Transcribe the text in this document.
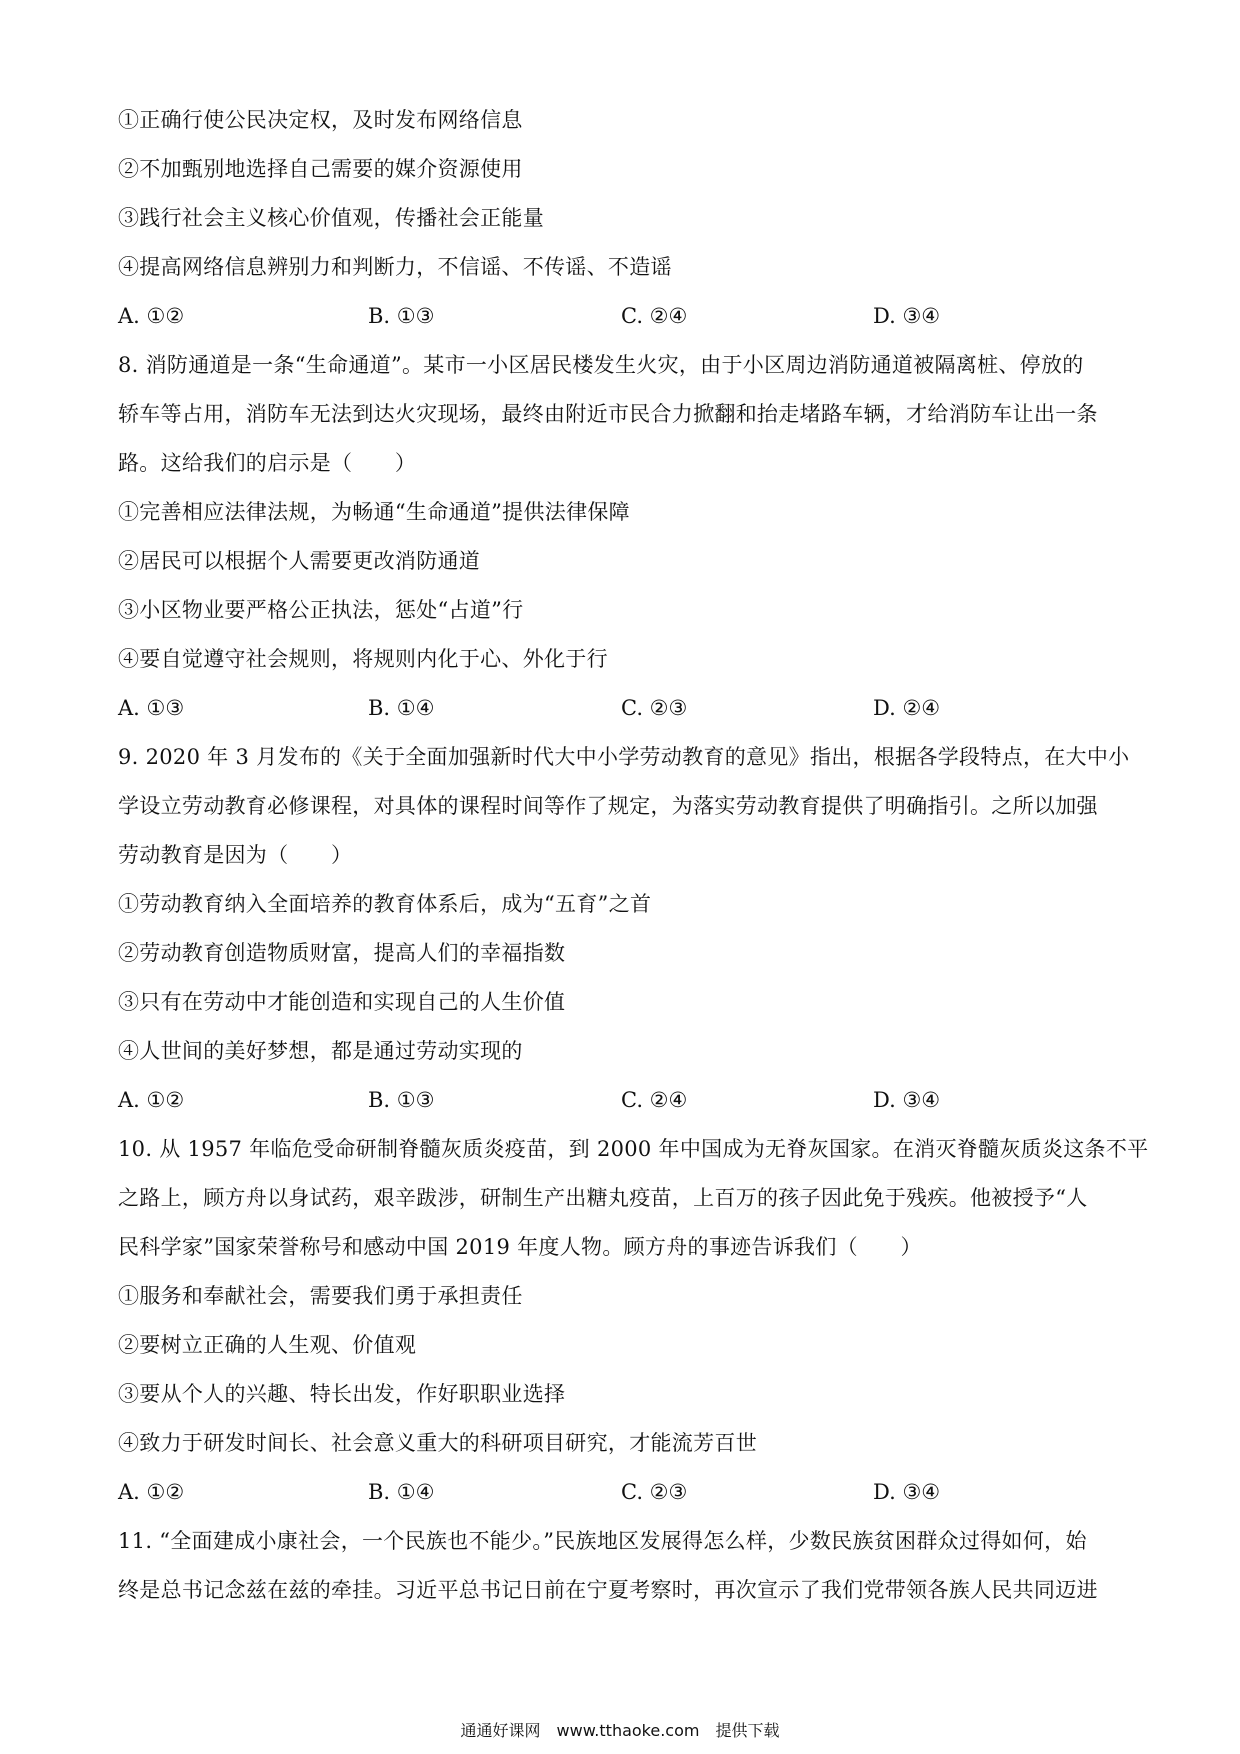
①正确行使公民决定权，及时发布网络信息
②不加甄别地选择自己需要的媒介资源使用
③践行社会主义核心价值观，传播社会正能量
④提高网络信息辨别力和判断力，不信谣、不传谣、不造谣
A. ①②	B. ①③	C. ②④	D. ③④
8. 消防通道是一条“生命通道”。某市一小区居民楼发生火灾，由于小区周边消防通道被隔离桩、停放的
轿车等占用，消防车无法到达火灾现场，最终由附近市民合力掀翻和抬走堵路车辆，才给消防车让出一条
路。这给我们的启示是（　　）
①完善相应法律法规，为畅通“生命通道”提供法律保障
②居民可以根据个人需要更改消防通道
③小区物业要严格公正执法，惩处“占道”行
④要自觉遵守社会规则，将规则内化于心、外化于行
A. ①③	B. ①④	C. ②③	D. ②④
9. 2020 年 3 月发布的《关于全面加强新时代大中小学劳动教育的意见》指出，根据各学段特点，在大中小
学设立劳动教育必修课程，对具体的课程时间等作了规定，为落实劳动教育提供了明确指引。之所以加强
劳动教育是因为（　　）
①劳动教育纳入全面培养的教育体系后，成为“五育”之首
②劳动教育创造物质财富，提高人们的幸福指数
③只有在劳动中才能创造和实现自己的人生价值
④人世间的美好梦想，都是通过劳动实现的
A. ①②	B. ①③	C. ②④	D. ③④
10. 从 1957 年临危受命研制脊髓灰质炎疫苗，到 2000 年中国成为无脊灰国家。在消灭脊髓灰质炎这条不平
之路上，顾方舟以身试药，艰辛跋涉，研制生产出糖丸疫苗，上百万的孩子因此免于残疾。他被授予“人
民科学家”国家荣誉称号和感动中国 2019 年度人物。顾方舟的事迹告诉我们（　　）
①服务和奉献社会，需要我们勇于承担责任
②要树立正确的人生观、价值观
③要从个人的兴趣、特长出发，作好职职业选择
④致力于研发时间长、社会意义重大的科研项目研究，才能流芳百世
A. ①②	B. ①④	C. ②③	D. ③④
11. “全面建成小康社会，一个民族也不能少。”民族地区发展得怎么样，少数民族贫困群众过得如何，始
终是总书记念兹在兹的牵挂。习近平总书记日前在宁夏考察时，再次宣示了我们党带领各族人民共同迈进
通通好课网　www.tthaoke.com　提供下载
